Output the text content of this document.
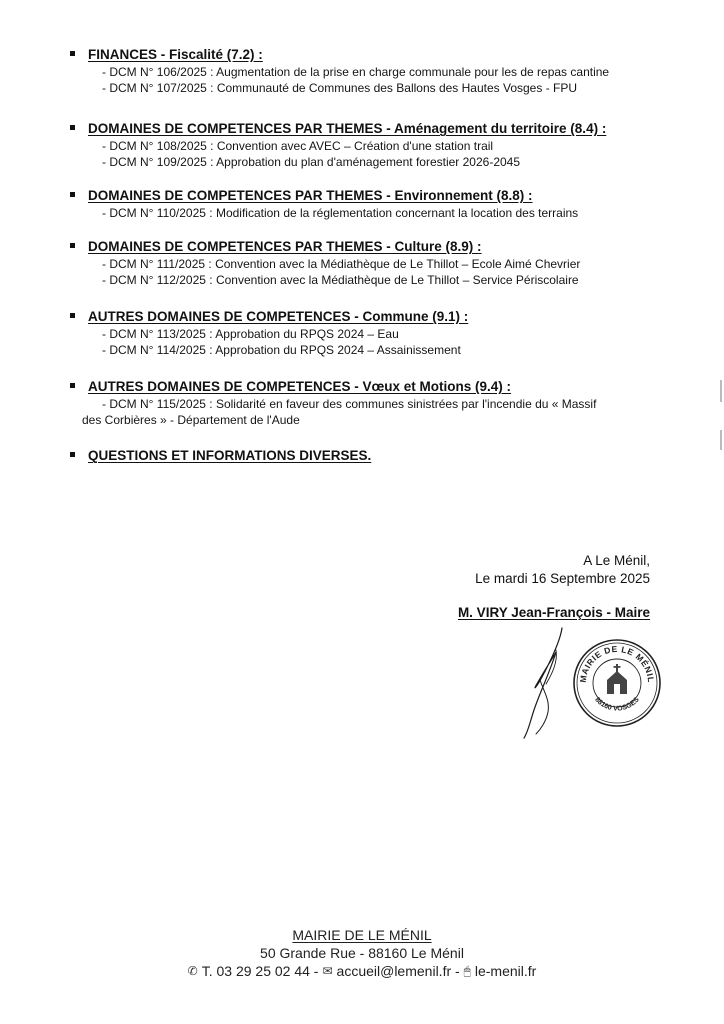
FINANCES - Fiscalité (7.2) :
- DCM N° 106/2025 : Augmentation de la prise en charge communale pour les de repas cantine
- DCM N° 107/2025 : Communauté de Communes des Ballons des Hautes Vosges - FPU
DOMAINES DE COMPETENCES PAR THEMES - Aménagement du territoire (8.4) :
- DCM N° 108/2025 : Convention avec AVEC – Création d'une station trail
- DCM N° 109/2025 : Approbation du plan d'aménagement forestier 2026-2045
DOMAINES DE COMPETENCES PAR THEMES - Environnement (8.8) :
- DCM N° 110/2025 : Modification de la réglementation concernant la location des terrains
DOMAINES DE COMPETENCES PAR THEMES - Culture (8.9) :
- DCM N° 111/2025 : Convention avec la Médiathèque de Le Thillot – Ecole Aimé Chevrier
- DCM N° 112/2025 : Convention avec la Médiathèque de Le Thillot – Service Périscolaire
AUTRES DOMAINES DE COMPETENCES - Commune (9.1) :
- DCM N° 113/2025 : Approbation du RPQS 2024 – Eau
- DCM N° 114/2025 : Approbation du RPQS 2024 – Assainissement
AUTRES DOMAINES DE COMPETENCES - Vœux et Motions (9.4) :
- DCM N° 115/2025 : Solidarité en faveur des communes sinistrées par l'incendie du « Massif
des Corbières » - Département de l'Aude
QUESTIONS ET INFORMATIONS DIVERSES.
A Le Ménil,
Le mardi 16 Septembre 2025
M. VIRY Jean-François - Maire
MAIRIE DE LE MÉNIL
88160 VOSGES
MAIRIE DE LE MÉNIL
50 Grande Rue - 88160 Le Ménil
✆ T. 03 29 25 02 44 - ✉ accueil@lemenil.fr - 🖱 le-menil.fr
